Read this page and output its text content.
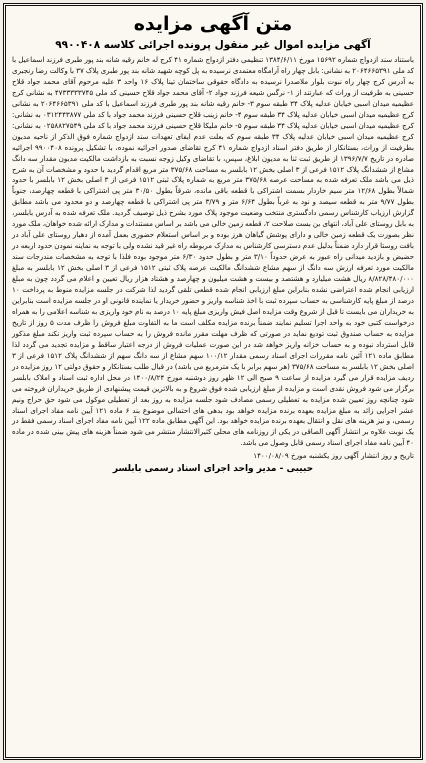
متن آگهی مزایده
آگهی مزایده اموال غیر منقول پرونده اجرائی کلاسه ۹۹۰۰۴۰۸

باستناد سند ازدواج شماره ۱۵۶۹۲ مورخ ۱۳۸۴/۶/۱۱ تنظیمی دفتر ازدواج شماره ۴۱ کرج له خانم رقیه شانه بند پور طبری فرزند اسماعیل با کد ملی ۲۰۶۴۶۶۵۳۹۱ به نشانی: بابل چهار راه آرامگاه معتمدی نرسیده به پل کوچه شهید شانه بند پور طبری پلاک ۳۷ با وکالت رضا رنجبری به آدرس کرج چهار راه نبوت بلوار ملاصدرا نرسیده به دادگاه حقوقی ساختمان تینا پلاک ۱۶ واحد ۳ علیه مرحوم آقای محمد جواد قلاح حسینی به طرفیت از وراث که عبارتند از ۱- نرگس شیعه فرزند جواد ۲- آقای محمد جواد قلاح حسینی کد ملی ۴۷۳۳۳۳۳۷۴۵ به نشانی کرج عظیمیه میدان اسبی خیابان عدلیه پلاک ۳۴ طبقه سوم ۳- خانم رقیه شانه بند پور طبری فرزند اسماعیل با کد ملی ۲۰۶۴۶۶۵۳۹۱ به نشانی کرج عظیمیه میدان اسبی خیابان عدلیه پلاک ۳۴ طبقه سوم ۴- خانم زینب قلاح حسینی فرزند محمد جواد با کد ملی ۰۳۱۲۴۴۳۸۷۷ به نشانی: کرج عظیمیه میدان اسبی خیابان عدلیه پلاک ۳۴ طبقه سوم ۵- خانم ملیکا قلاح حسینی فرزند محمد جواد با کد ملی ۰۲۵۸۸۲۷۵۴۹ به نشانی: کرج عظیمیه میدان اسبی خیابان عدلیه پلاک ۳۴ طبقه سوم که بعلت عدم ایفای تعهدات سند ازدواج شماره فوق الذکر از ناحیه مدیون بطرفیت از وراث، بستانکار از طریق دفتر اسناد ازدواج شماره ۴۱ کرج تقاضای صدور اجرائیه نموده، با تشکیل پرونده ۹۹۰۰۴۰۸ اجرائیه صادره در تاریخ ۱۳۹۶/۷/۷ از طریق ثبت ثنا به مدیون ابلاغ، سپس، با تقاضای وکیل زوجه نسبت به بازداشت مالکیت مدیون مقدار سه دانگ مشاع از ششدانگ پلاک ۱۵۱۲ فرعی از ۳ اصلی بخش ۱۲ بابلسر به مساحت ۳۷۵/۶۸ متر مربع اقدام گردید با حدود و مشخصات آن به شرح ذیل می باشد ملک تعرفه شده به مساحت عرصه ۳۷۵/۶۸ متر مربع به شماره پلاک ثبتی ۱۵۱۲ فرعی از ۳ اصلی بخش ۱۲ بابلسر با حدود شمالاً بطول ۱۲/۶۸ متر سیم خاردار بسمت اشتراکی با قطعه باقی مانده، شرقاً بطول ۳۰/۵۰ متر پی اشتراکی با قطعه چهارصد، جنوباً بطول ۹/۷۷ متر به قطعه سیصد و نود به غرباً بطول ۶/۶۴ متر و ۳/۷۹ متر پی اشتراکی با قطعه چهارصد و دو محدود می باشد مطابق گزارش ارزیاب کارشناس رسمی دادگستری منتخب وضعیت موجود پلاک مورد بشرح ذیل توصیف گردید. ملک تعرفه شده به آدرس بابلسر، به بابل روستای علی آباد، انتهای بن بست صلاحت ۲، قطعه زمین خالی می باشد بر اساس مستندات و مدارک ارائه شده خواهان، ملک مورد نظر بصورت یک قطعه زمین خالی و دارای پوشش گیاهان هرز بوده و بر اساس استعلام حضوری بعمل آمده از دهیار روستای علی آباد در بافت روستا قرار دارد ضمناً بدلیل عدم دسترسی کارشناس به مدارک مربوطه راه غیر قید نشده ولی با توجه به نماینه نمودن حدود اربعه در حضیض و بازدید میدانی راه عبور به عرض حدوداً ۳/۱۰ متر و بطول حدود ۶/۳۰ متر موجود بوده فلذا با توجه به مشخصات مندرجات سند مالکیت مورد تعرفه ارزش سه دانگ از سهم مشاع ششدانگ مالکیت عرصه پلاک ثبتی ۱۵۱۲ فرعی از ۳ اصلی بخش ۱۲ بابلسر به مبلغ ۸/۸۲۸/۴۸۰/۰۰۰ ریال هشت میلیارد و هشتصد و بیست و هشت میلیون و چهارصد و هشتاد هزار ریال تعیین و اعلام می گردد چون به مبلغ ارزیابی انجام شده اعتراضی نشده بنابراین مبلغ ارزیابی انجام شده قطعی تلقی گردید لذا شرکت در جلسه مزایده منوط به پرداخت ۱۰ درصد از مبلغ پایه کارشناسی به حساب سپرده ثبت با اخذ شناسه واریز و حضور خریدار یا نماینده قانونی او در جلسه مزایده است بنابراین به خریداران می بایست تا قبل از شروع وقت مزایده اصل فیش واریزی مبلغ پایه ۱۰ درصد به نام خود واریزی به شناسه اعلامی را به همراه درخواست کتبی خود به واحد اجرا تسلیم نمایند ضمناً برنده مزایده مکلف است ما به التفاوت مبلغ فروش را ظرف مدت ۵ روز از تاریخ مزایده به حساب صندوق ثبت تودیع نماید در صورتی که ظرف مهلت مقرر مانده فروش را به حساب سپرده ثبت واریز نکند مبلغ مذکور قابل استرداد نبوده و به حساب خزانه واریز خواهد شد در این صورت عملیات فروش از درجه اعتبار ساقط و مزایده تجدید می گردد لذا مطابق ماده ۱۲۱ آئین نامه مقررات اجرای اسناد رسمی مقدار ۱۰۰/۱۲ سهم مشاع از سه دانگ سهم از ششدانگ پلاک ۱۵۱۲ فرعی از ۳ اصلی بخش ۱۲ بابلسر به مساحت ۳۷۵/۶۸ (هر سهم برابر با یک مترمربع می باشد) در قبال طلب بستانکار و حقوق دولتی ۱۲ روز مزایده در ردیف مزایده قرار می گیرد مزایده از ساعت ۹ صبح الی ۱۲ ظهر روز دوشنبه مورخ ۱۴۰۰/۸/۲۴ در محل اداره ثبت اسناد و املاک بابلسر برگزار می شود فروش نقدی است و مزایده از مبلغ ارزیابی شده فوق شروع و به بالاترین قیمت پیشنهادی از طریق خریداران فروخته می شود چنانچه روز تعیین شده مزایده به تعطیلی رسمی مصادف شود جلسه مزایده به روز بعد از تعطیلی موکول می شود حق حراج ونیم عشر اجرایی زائد به مبلغ مزایده بعهده برنده مزایده خواهد بود بدهی های احتمالی موضوع بند ۶ ماده ۱۲۱ آیین نامه مفاد اجرای اسناد رسمی، و نیز هزینه های نقل و انتقال بعهده برنده مزایده خواهد بود. این آگهی مطابق ماده ۱۲۲ آیین نامه مفاد اجرای اسناد رسمی فقط در یک نوبت علاوه بر انتشار آگهی الصاقی در یکی از روزنامه های محلی کثیرالانتشار منتشر می شود ضمناً هزینه های پیش بینی شده در ماده ۴۰ آیین نامه مفاد اجرای اسناد رسمی قابل وصول می باشد.

تاریخ و روز انتشار آگهی روز یکشنبه مورخ ۱۴۰۰/۰۸/۰۹

حبیبی - مدیر واحد اجرای اسناد رسمی بابلسر
